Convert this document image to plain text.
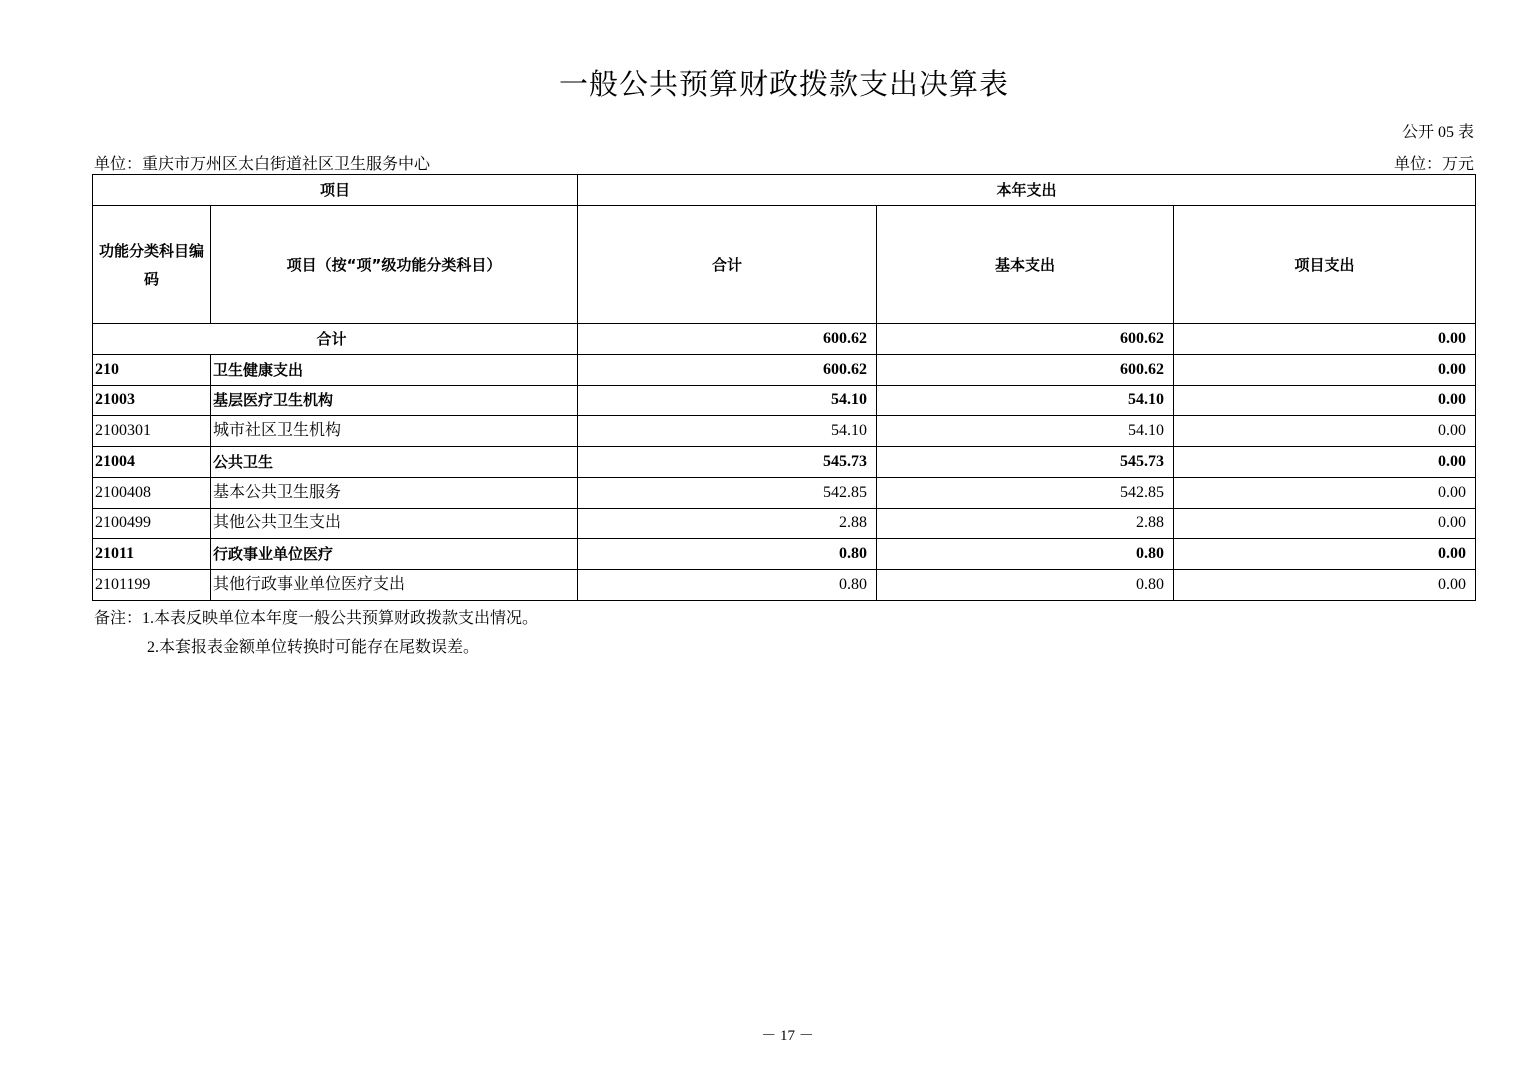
一般公共预算财政拨款支出决算表
公开 05 表
单位：重庆市万州区太白街道社区卫生服务中心	单位：万元
项目		本年支出		
功能分类科目编码	项目（按“项”级功能分类科目）	合计	基本支出	项目支出
合计		600.62	600.62	0.00
210	卫生健康支出	600.62	600.62	0.00
21003	基层医疗卫生机构	54.10	54.10	0.00
2100301	城市社区卫生机构	54.10	54.10	0.00
21004	公共卫生	545.73	545.73	0.00
2100408	基本公共卫生服务	542.85	542.85	0.00
2100499	其他公共卫生支出	2.88	2.88	0.00
21011	行政事业单位医疗	0.80	0.80	0.00
2101199	其他行政事业单位医疗支出	0.80	0.80	0.00
备注：1.本表反映单位本年度一般公共预算财政拨款支出情况。
2.本套报表金额单位转换时可能存在尾数误差。
－ 17 －
